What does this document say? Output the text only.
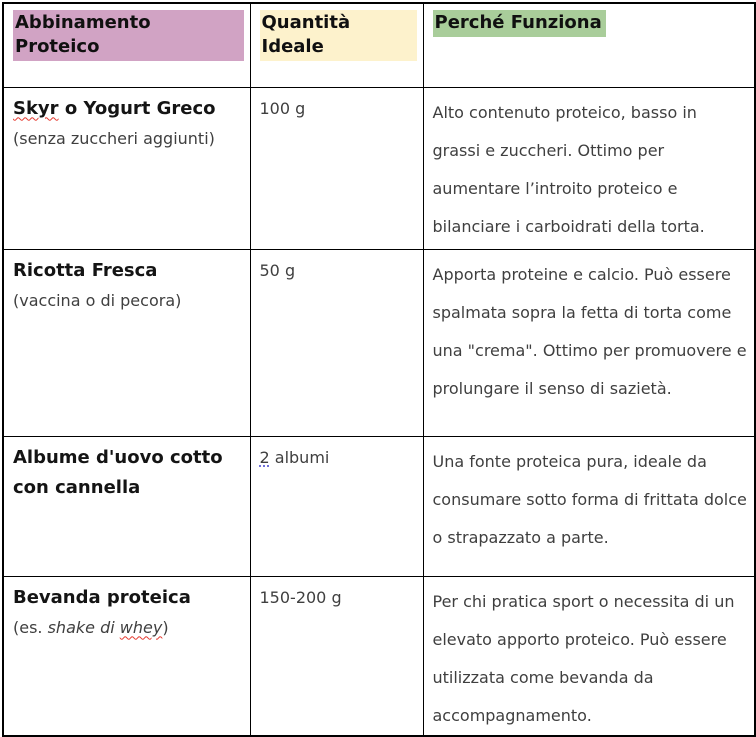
Abbinamento Proteico	Quantità Ideale	Perché Funziona

Skyr o Yogurt Greco
(senza zuccheri aggiunti)	100 g	Alto contenuto proteico, basso in grassi e zuccheri. Ottimo per aumentare l’introito proteico e bilanciare i carboidrati della torta.

Ricotta Fresca
(vaccina o di pecora)	50 g	Apporta proteine e calcio. Può essere spalmata sopra la fetta di torta come una "crema". Ottimo per promuovere e prolungare il senso di sazietà.

Albume d'uovo cotto con cannella	2 albumi	Una fonte proteica pura, ideale da consumare sotto forma di frittata dolce o strapazzato a parte.

Bevanda proteica
(es. shake di whey)	150-200 g	Per chi pratica sport o necessita di un elevato apporto proteico. Può essere utilizzata come bevanda da accompagnamento.
